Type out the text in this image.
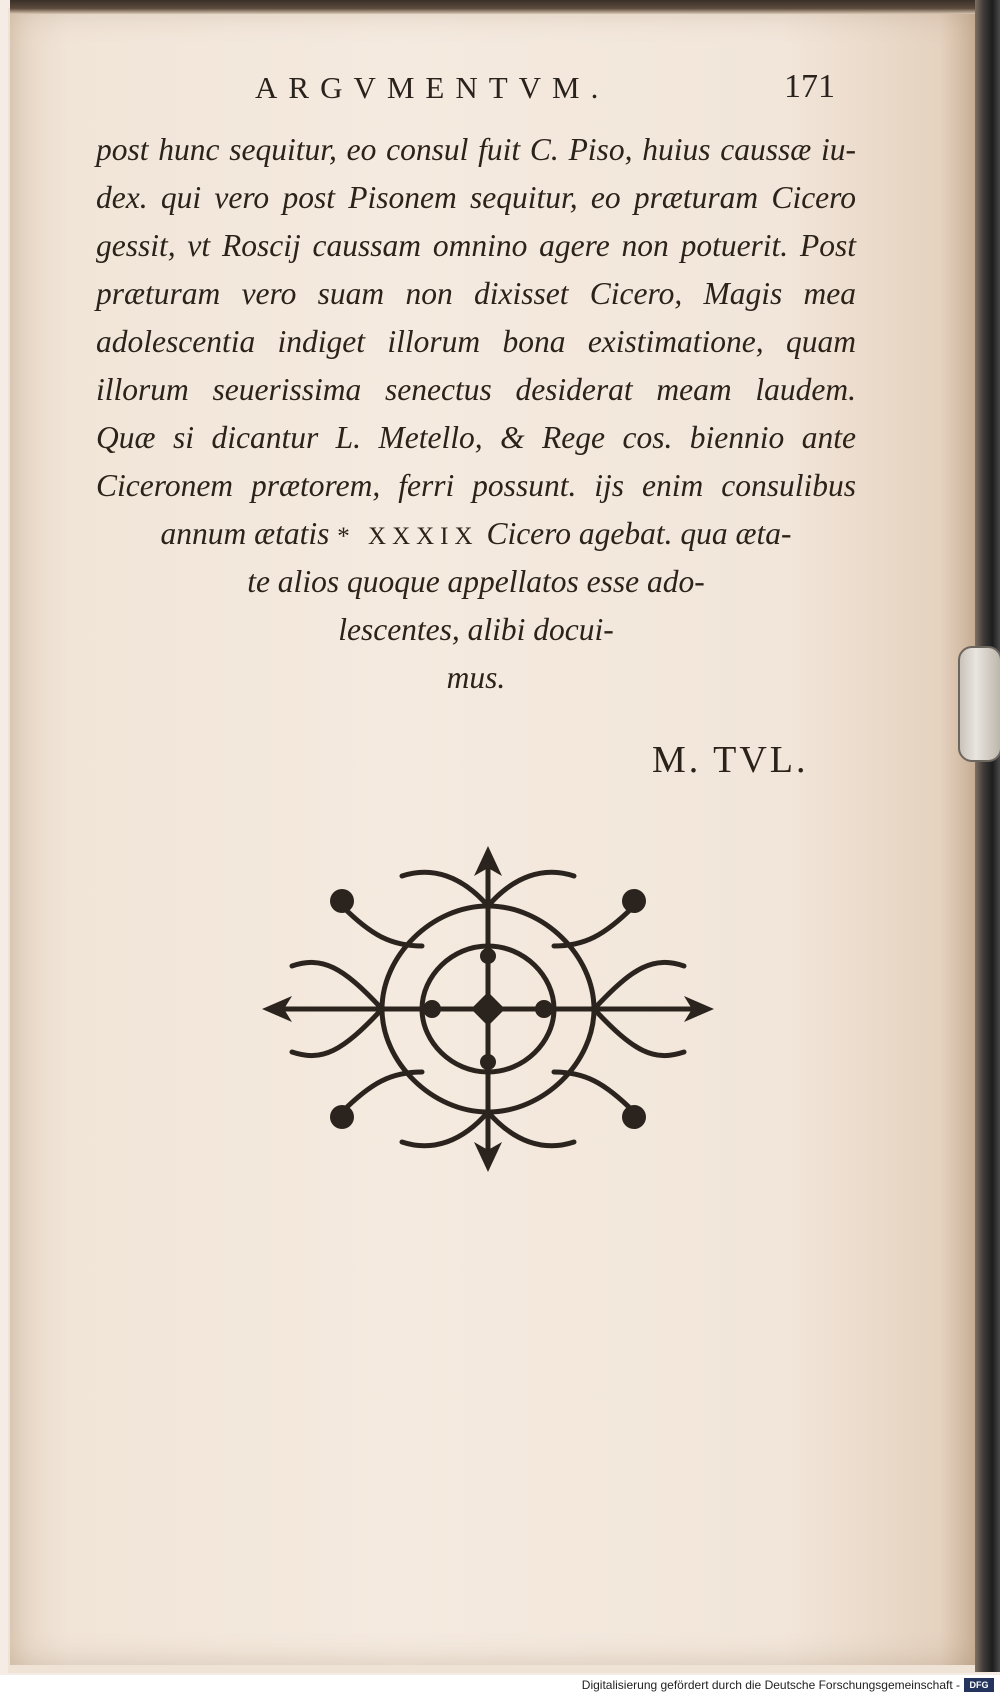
ARGVMENTVM.	171
post hunc sequitur, eo consul fuit C. Piso, huius caussæ iu-
dex. qui vero post Pisonem sequitur, eo præturam Cicero
gessit, vt Roscij caussam omnino agere non potuerit. Post
præturam vero suam non dixisset Cicero, Magis mea
adolescentia indiget illorum bona existimatione, quam
illorum seuerissima senectus desiderat meam laudem.
Quæ si dicantur L. Metello, & Rege cos. biennio ante
Ciceronem prætorem, ferri possunt. ijs enim consulibus
annum ætatis * XXXIX Cicero agebat. qua æta-
te alios quoque appellatos esse ado-
lescentes, alibi docui-
mus.
M. TVL.
Digitalisierung gefördert durch die Deutsche Forschungsgemeinschaft -	DFG
